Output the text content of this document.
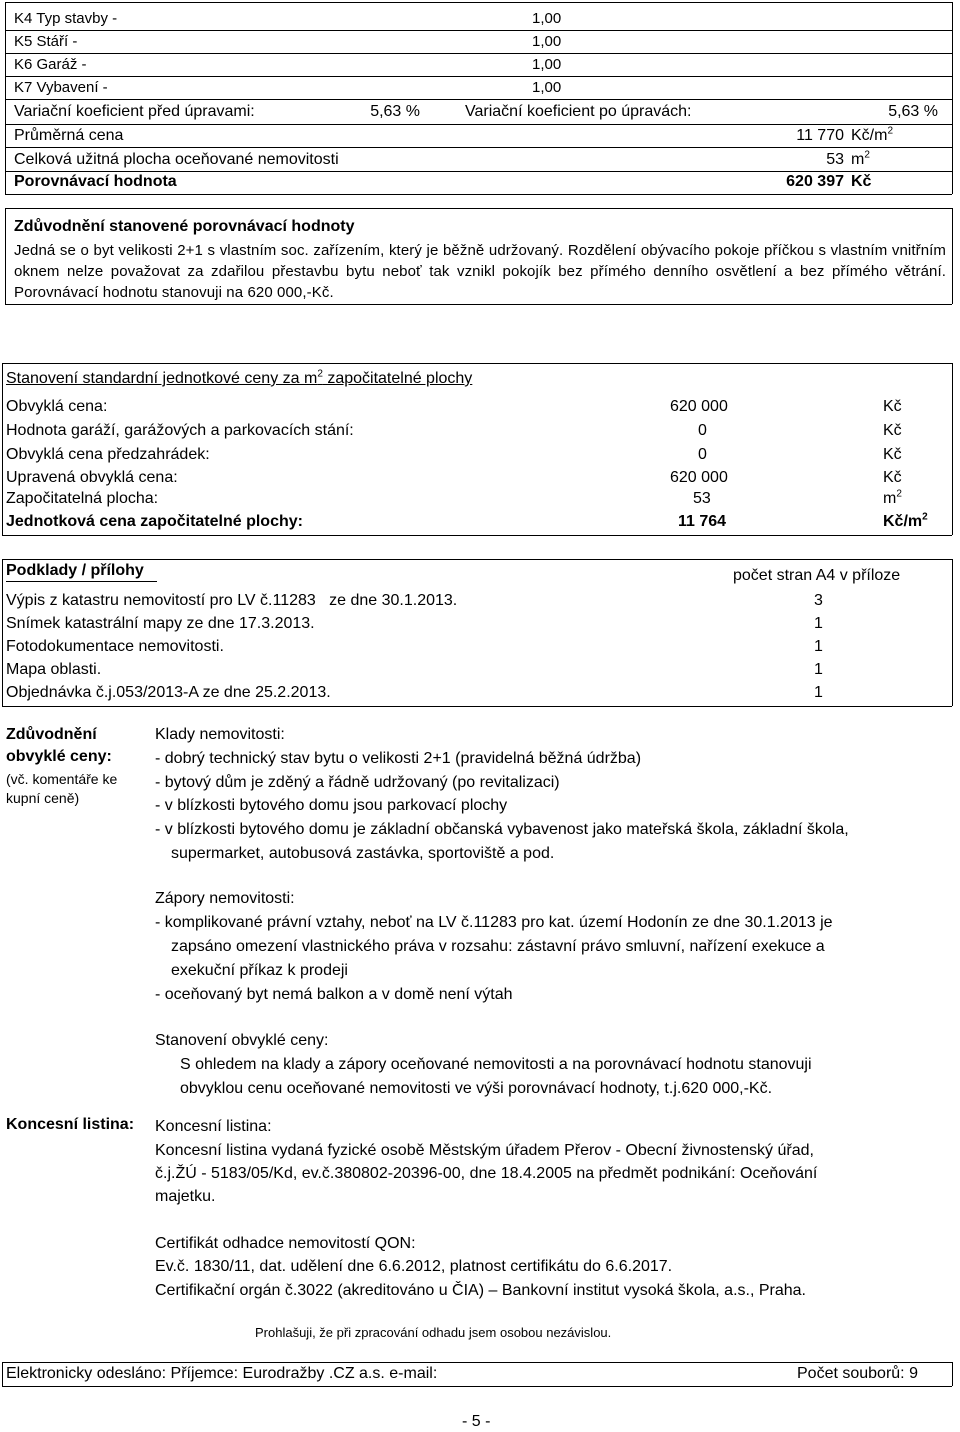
K4 Typ stavby -	1,00
K5 Stáří -	1,00
K6 Garáž -	1,00
K7 Vybavení -	1,00
Variační koeficient před úpravami:	5,63 %	Variační koeficient po úpravách:	5,63 %
Průměrná cena	11 770 $Kč/m^2$
Celková užitná plocha oceňované nemovitosti	53 $m^2$
Porovnávací hodnota	620 397 Kč
Zdůvodnění stanovené porovnávací hodnoty
Jedná se o byt velikosti 2+1 s vlastním soc. zařízením, který je běžně udržovaný. Rozdělení obývacího pokoje příčkou s vlastním vnitřním oknem nelze považovat za zdařilou přestavbu bytu neboť tak vznikl pokojík bez přímého denního osvětlení a bez přímého větrání. Porovnávací hodnotu stanovuji na 620 000,-Kč.
Stanovení standardní jednotkové ceny za $m^2$ započitatelné plochy
Obvyklá cena:	620 000	Kč
Hodnota garáží, garážových a parkovacích stání:	0	Kč
Obvyklá cena předzahrádek:	0	Kč
Upravená obvyklá cena:	620 000	Kč
Započitatelná plocha:	53	$m^2$
Jednotková cena započitatelné plochy:	11 764	$Kč/m^2$
Podklady / přílohy	počet stran A4 v příloze
Výpis z katastru nemovitostí pro LV č.11283   ze dne 30.1.2013.	3
Snímek katastrální mapy ze dne 17.3.2013.	1
Fotodokumentace nemovitosti.	1
Mapa oblasti.	1
Objednávka č.j.053/2013-A ze dne 25.2.2013.	1
Zdůvodnění
obvyklé ceny:
(vč. komentáře ke
kupní ceně)
Klady nemovitosti:
- dobrý technický stav bytu o velikosti 2+1 (pravidelná běžná údržba)
- bytový dům je zděný a řádně udržovaný (po revitalizaci)
- v blízkosti bytového domu jsou parkovací plochy
- v blízkosti bytového domu je základní občanská vybavenost jako mateřská škola, základní škola,
supermarket, autobusová zastávka, sportoviště a pod.
Zápory nemovitosti:
- komplikované právní vztahy, neboť na LV č.11283 pro kat. území Hodonín ze dne 30.1.2013 je
zapsáno omezení vlastnického práva v rozsahu: zástavní právo smluvní, nařízení exekuce a
exekuční příkaz k prodeji
- oceňovaný byt nemá balkon a v domě není výtah
Stanovení obvyklé ceny:
S ohledem na klady a zápory oceňované nemovitosti a na porovnávací hodnotu stanovuji
obvyklou cenu oceňované nemovitosti ve výši porovnávací hodnoty, t.j.620 000,-Kč.
Koncesní listina: Koncesní listina:
Koncesní listina vydaná fyzické osobě Městským úřadem Přerov - Obecní živnostenský úřad,
č.j.ŽÚ - 5183/05/Kd, ev.č.380802-20396-00, dne 18.4.2005 na předmět podnikání: Oceňování
majetku.
Certifikát odhadce nemovitostí QON:
Ev.č. 1830/11, dat. udělení dne 6.6.2012, platnost certifikátu do 6.6.2017.
Certifikační orgán č.3022 (akreditováno u ČIA) – Bankovní institut vysoká škola, a.s., Praha.
Prohlašuji, že při zpracování odhadu jsem osobou nezávislou.
Elektronicky odesláno: Příjemce: Eurodražby .CZ a.s. e-mail:	Počet souborů: 9
- 5 -
